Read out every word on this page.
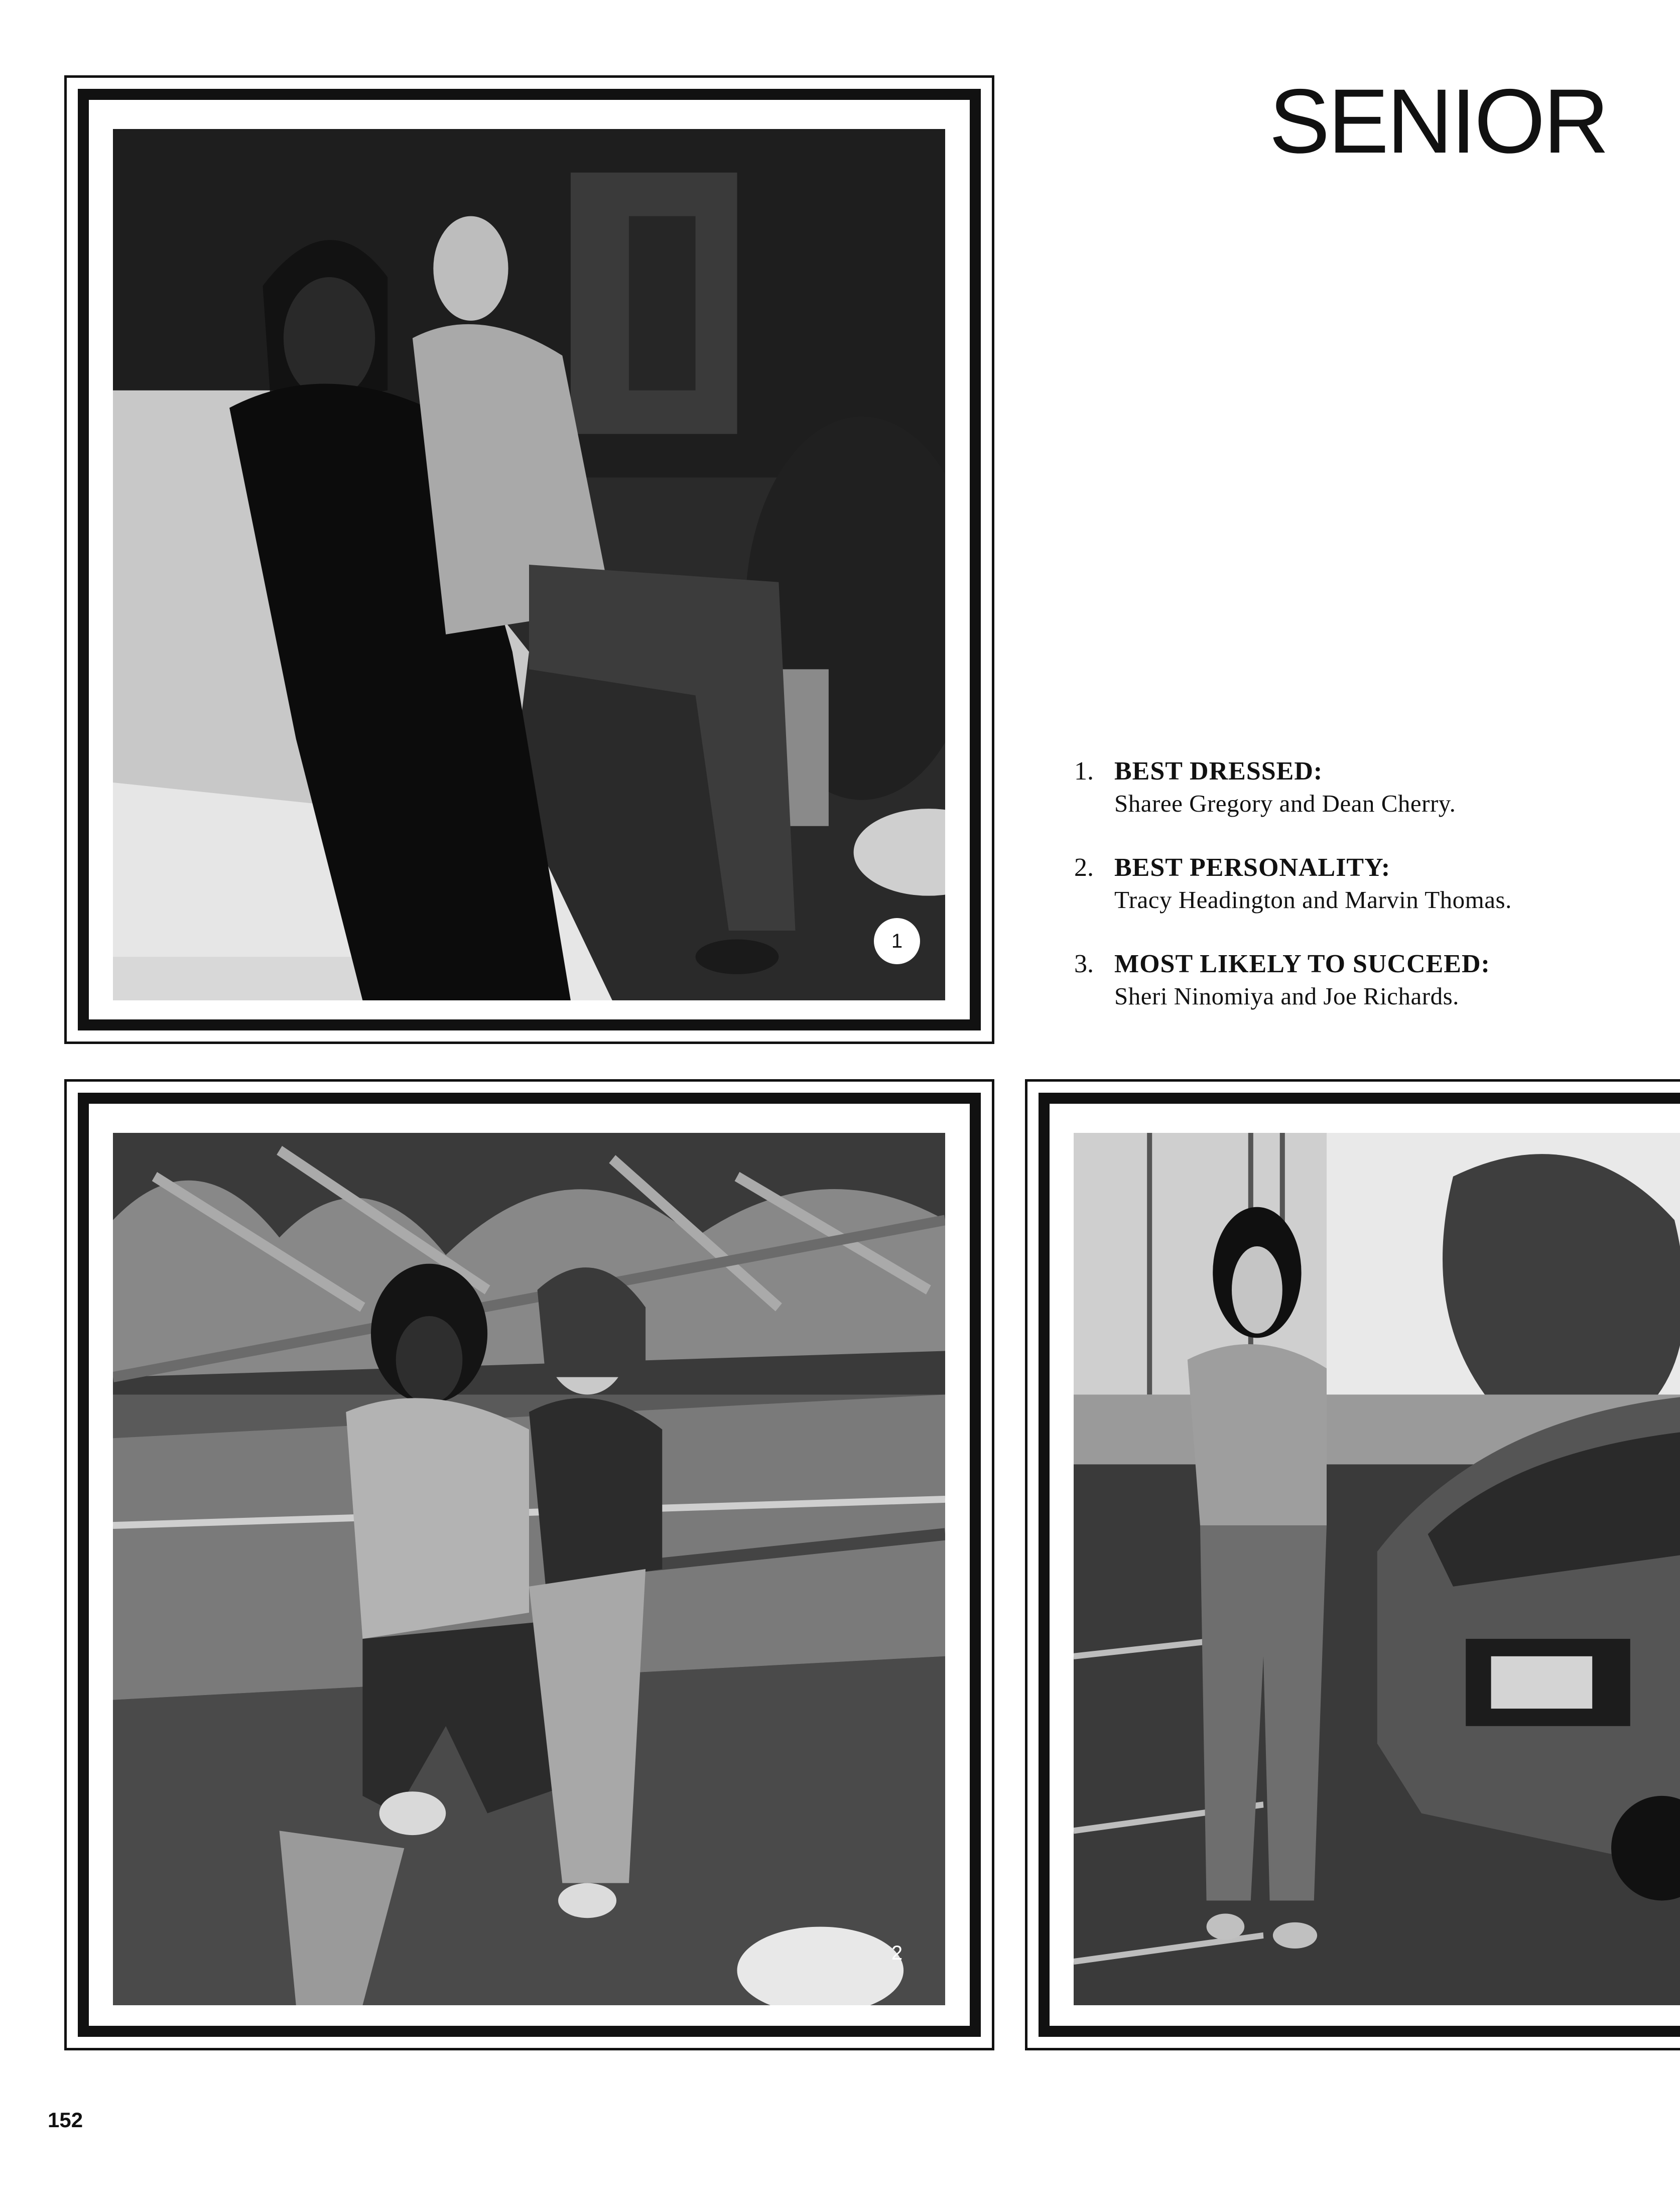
SENIOR
1
2
1. BEST DRESSED:
Sharee Gregory and Dean Cherry.
2. BEST PERSONALITY:
Tracy Headington and Marvin Thomas.
3. MOST LIKELY TO SUCCEED:
Sheri Ninomiya and Joe Richards.
152
